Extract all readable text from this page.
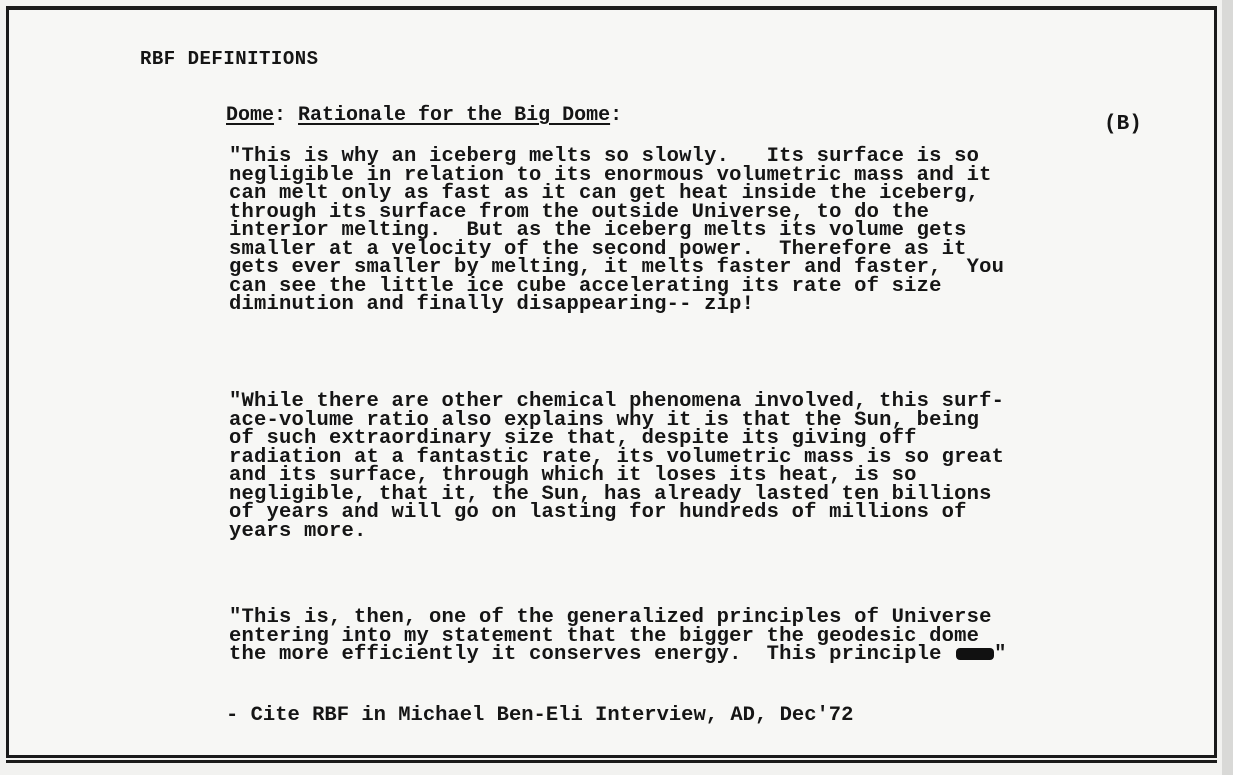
RBF DEFINITIONS
Dome: Rationale for the Big Dome:	(B)

"This is why an iceberg melts so slowly.   Its surface is so
negligible in relation to its enormous volumetric mass and it
can melt only as fast as it can get heat inside the iceberg,
through its surface from the outside Universe, to do the
interior melting.  But as the iceberg melts its volume gets
smaller at a velocity of the second power.  Therefore as it
gets ever smaller by melting, it melts faster and faster,  You
can see the little ice cube accelerating its rate of size
diminution and finally disappearing-- zip!

"While there are other chemical phenomena involved, this surf-
ace-volume ratio also explains why it is that the Sun, being
of such extraordinary size that, despite its giving off
radiation at a fantastic rate, its volumetric mass is so great
and its surface, through which it loses its heat, is so
negligible, that it, the Sun, has already lasted ten billions
of years and will go on lasting for hundreds of millions of
years more.

"This is, then, one of the generalized principles of Universe
entering into my statement that the bigger the geodesic dome
the more efficiently it conserves energy.  This principle	"

- Cite RBF in Michael Ben-Eli Interview, AD, Dec'72
